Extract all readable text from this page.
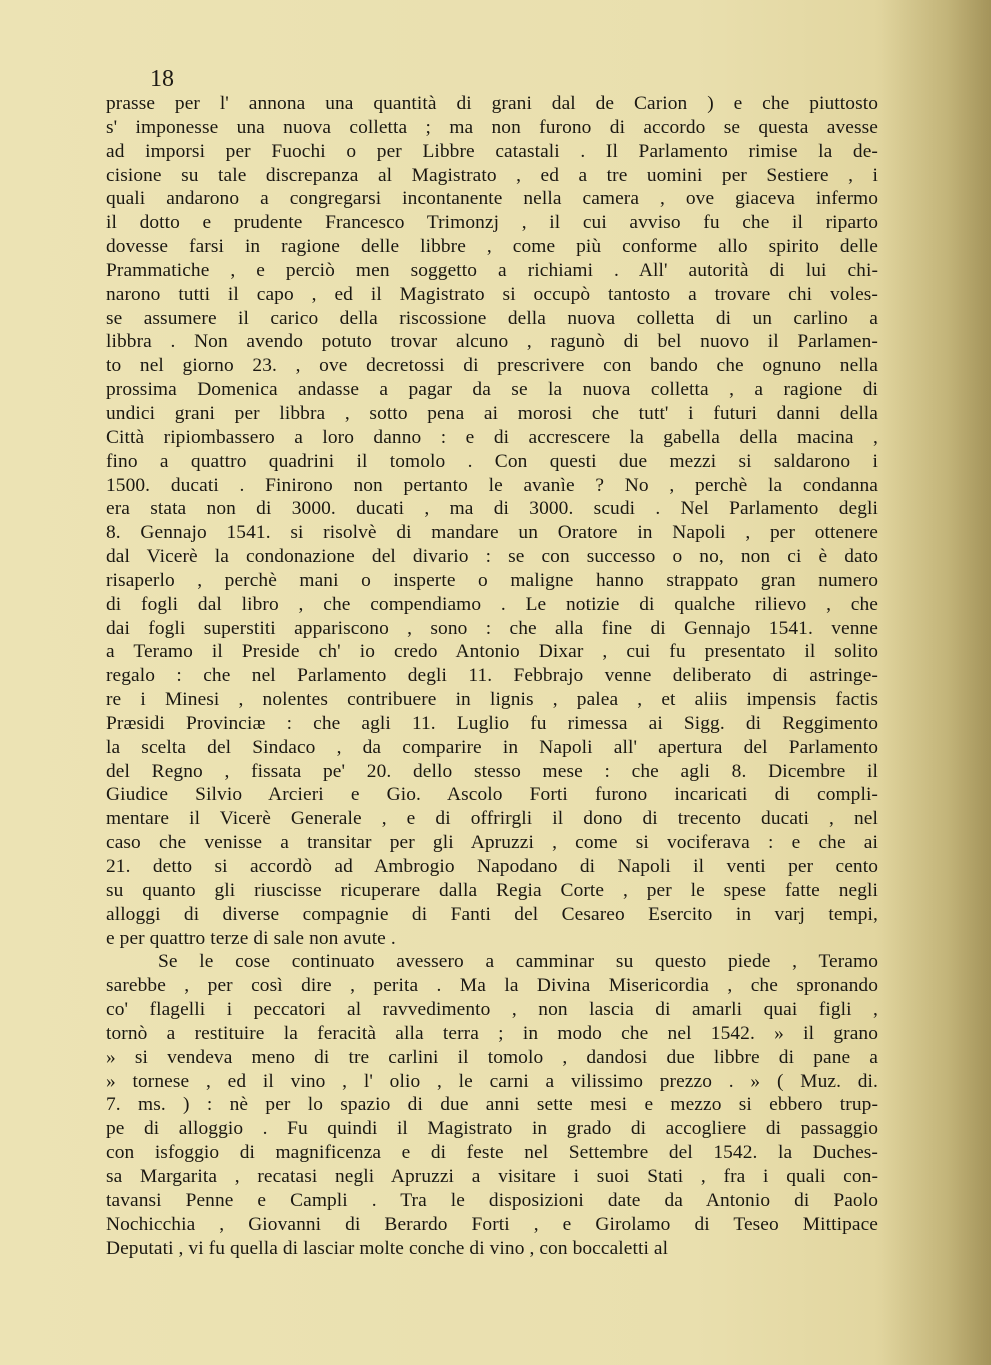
18
prasse per l' annona una quantità di grani dal de Carion ) e che piuttosto
s' imponesse una nuova colletta ; ma non furono di accordo se questa avesse
ad imporsi per Fuochi o per Libbre catastali . Il Parlamento rimise la de-
cisione su tale discrepanza al Magistrato , ed a tre uomini per Sestiere , i
quali andarono a congregarsi incontanente nella camera , ove giaceva infermo
il dotto e prudente Francesco Trimonzj , il cui avviso fu che il riparto
dovesse farsi in ragione delle libbre , come più conforme allo spirito delle
Prammatiche , e perciò men soggetto a richiami . All' autorità di lui chi-
narono tutti il capo , ed il Magistrato si occupò tantosto a trovare chi voles-
se assumere il carico della riscossione della nuova colletta di un carlino a
libbra . Non avendo potuto trovar alcuno , ragunò di bel nuovo il Parlamen-
to nel giorno 23. , ove decretossi di prescrivere con bando che ognuno nella
prossima Domenica andasse a pagar da se la nuova colletta , a ragione di
undici grani per libbra , sotto pena ai morosi che tutt' i futuri danni della
Città ripiombassero a loro danno : e di accrescere la gabella della macina ,
fino a quattro quadrini il tomolo . Con questi due mezzi si saldarono i
1500. ducati . Finirono non pertanto le avanìe ? No , perchè la condanna
era stata non di 3000. ducati , ma di 3000. scudi . Nel Parlamento degli
8. Gennajo 1541. si risolvè di mandare un Oratore in Napoli , per ottenere
dal Vicerè la condonazione del divario : se con successo o no, non ci è dato
risaperlo , perchè mani o insperte o maligne hanno strappato gran numero
di fogli dal libro , che compendiamo . Le notizie di qualche rilievo , che
dai fogli superstiti appariscono , sono : che alla fine di Gennajo 1541. venne
a Teramo il Preside ch' io credo Antonio Dixar , cui fu presentato il solito
regalo : che nel Parlamento degli 11. Febbrajo venne deliberato di astringe-
re i Minesi , nolentes contribuere in lignis , palea , et aliis impensis factis
Præsidi Provinciæ : che agli 11. Luglio fu rimessa ai Sigg. di Reggimento
la scelta del Sindaco , da comparire in Napoli all' apertura del Parlamento
del Regno , fissata pe' 20. dello stesso mese : che agli 8. Dicembre il
Giudice Silvio Arcieri e Gio. Ascolo Forti furono incaricati di compli-
mentare il Vicerè Generale , e di offrirgli il dono di trecento ducati , nel
caso che venisse a transitar per gli Apruzzi , come si vociferava : e che ai
21. detto si accordò ad Ambrogio Napodano di Napoli il venti per cento
su quanto gli riuscisse ricuperare dalla Regia Corte , per le spese fatte negli
alloggi di diverse compagnie di Fanti del Cesareo Esercito in varj tempi,
e per quattro terze di sale non avute .
Se le cose continuato avessero a camminar su questo piede , Teramo
sarebbe , per così dire , perita . Ma la Divina Misericordia , che spronando
co' flagelli i peccatori al ravvedimento , non lascia di amarli quai figli ,
tornò a restituire la feracità alla terra ; in modo che nel 1542. » il grano
» si vendeva meno di tre carlini il tomolo , dandosi due libbre di pane a
» tornese , ed il vino , l' olio , le carni a vilissimo prezzo . » ( Muz. di.
7. ms. ) : nè per lo spazio di due anni sette mesi e mezzo si ebbero trup-
pe di alloggio . Fu quindi il Magistrato in grado di accogliere di passaggio
con isfoggio di magnificenza e di feste nel Settembre del 1542. la Duches-
sa Margarita , recatasi negli Apruzzi a visitare i suoi Stati , fra i quali con-
tavansi Penne e Campli . Tra le disposizioni date da Antonio di Paolo
Nochicchia , Giovanni di Berardo Forti , e Girolamo di Teseo Mittipace
Deputati , vi fu quella di lasciar molte conche di vino , con boccaletti al
